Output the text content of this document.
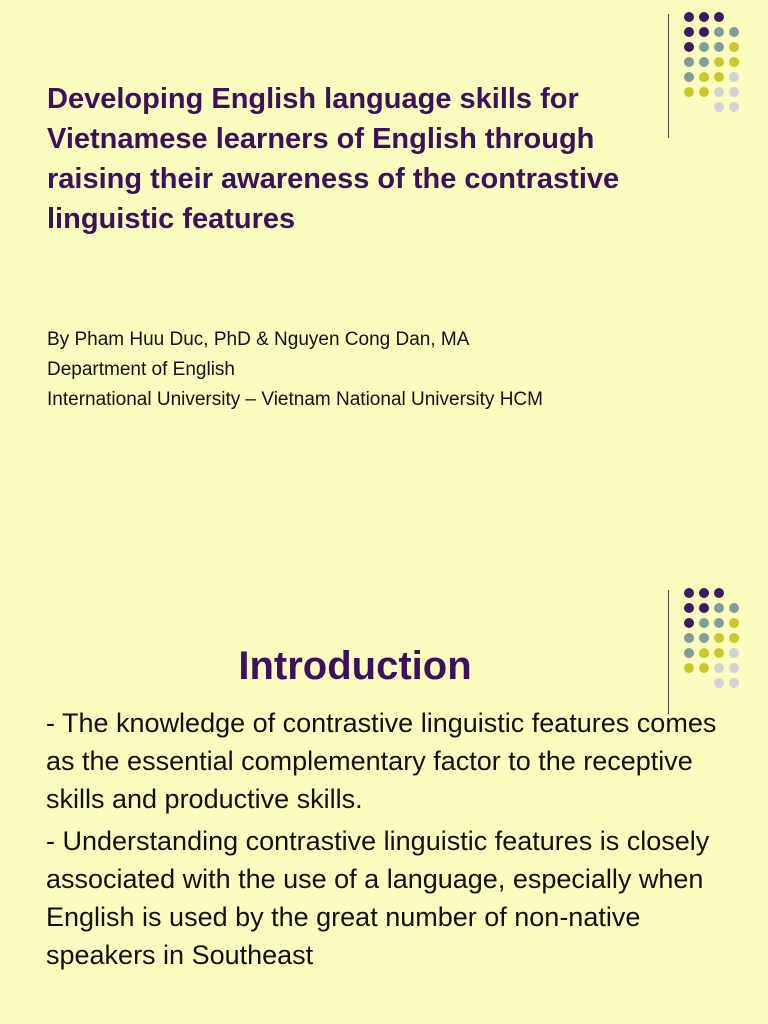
Developing English language skills for Vietnamese learners of English through raising their awareness of the contrastive linguistic features
By Pham Huu Duc, PhD & Nguyen Cong Dan, MA
Department of English
International University – Vietnam National University HCM
Introduction

- The knowledge of contrastive linguistic features comes as the essential complementary factor to the receptive skills and productive skills.

- Understanding contrastive linguistic features is closely associated with the use of a language, especially when English is used by the great number of non-native speakers in Southeast
